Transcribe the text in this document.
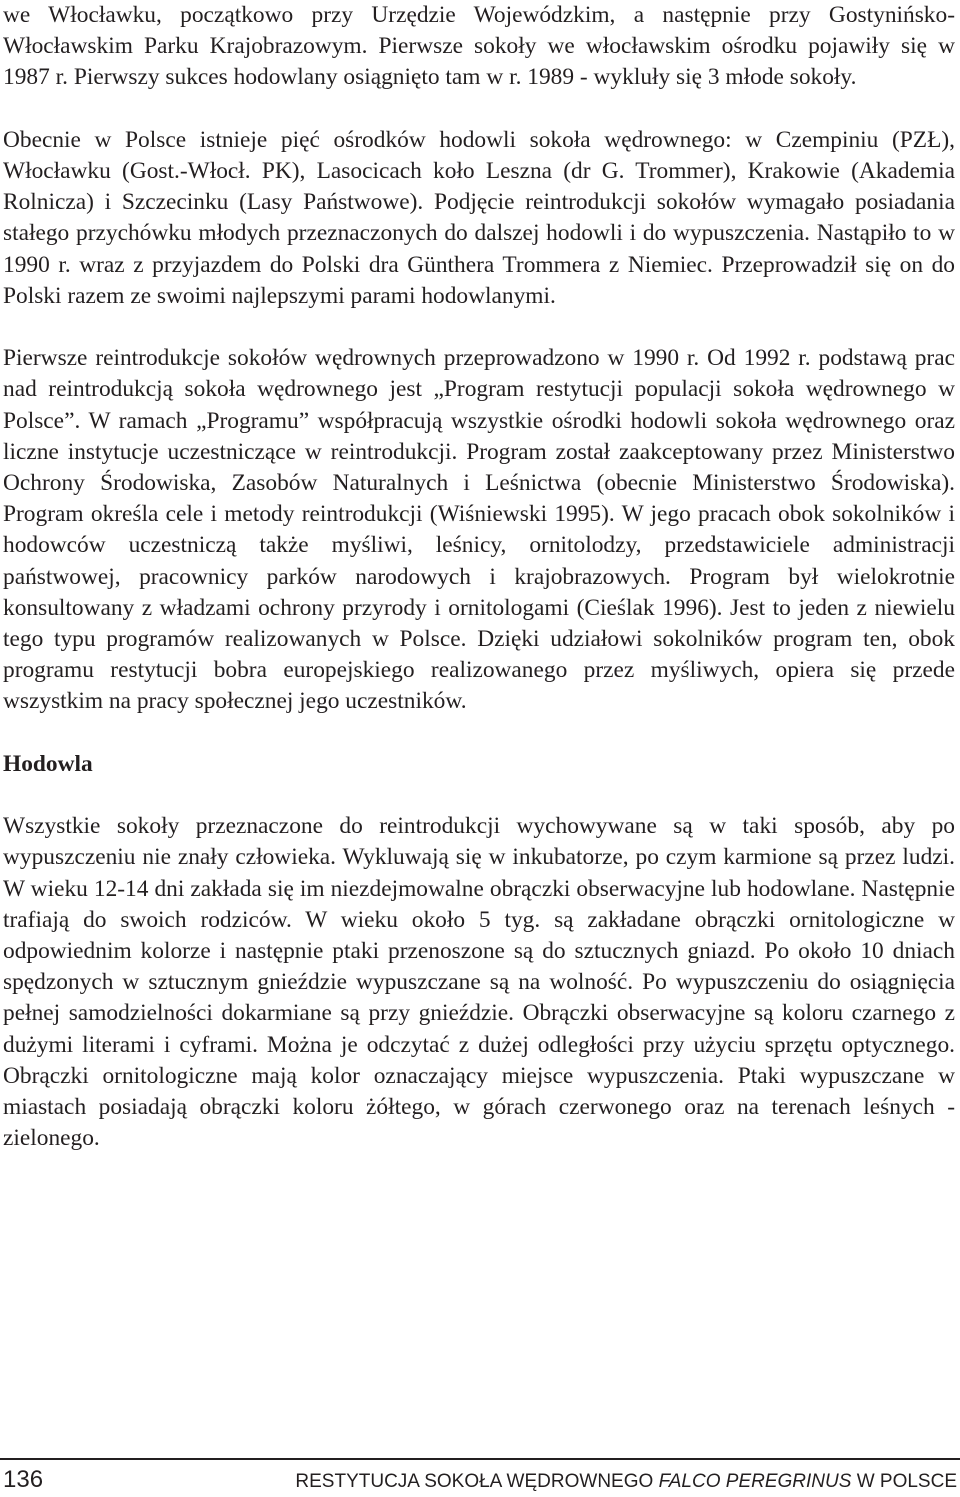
we Włocławku, początkowo przy Urzędzie Wojewódzkim, a następnie przy Gostynińsko-Włocławskim Parku Krajobrazowym. Pierwsze sokoły we włocławskim ośrodku pojawiły się w 1987 r. Pierwszy sukces hodowlany osiągnięto tam w r. 1989 - wykluły się 3 młode sokoły.

Obecnie w Polsce istnieje pięć ośrodków hodowli sokoła wędrownego: w Czempiniu (PZŁ), Włocławku (Gost.-Włocł. PK), Lasocicach koło Leszna (dr G. Trommer), Krakowie (Akademia Rolnicza) i Szczecinku (Lasy Państwowe). Podjęcie reintrodukcji sokołów wymagało posiadania stałego przychówku młodych przeznaczonych do dalszej hodowli i do wypuszczenia. Nastąpiło to w 1990 r. wraz z przyjazdem do Polski dra Günthera Trommera z Niemiec. Przeprowadził się on do Polski razem ze swoimi najlepszymi parami hodowlanymi.

Pierwsze reintrodukcje sokołów wędrownych przeprowadzono w 1990 r. Od 1992 r. podstawą prac nad reintrodukcją sokoła wędrownego jest „Program restytucji populacji sokoła wędrownego w Polsce”. W ramach „Programu” współpracują wszystkie ośrodki hodowli sokoła wędrownego oraz liczne instytucje uczestniczące w reintrodukcji. Program został zaakceptowany przez Ministerstwo Ochrony Środowiska, Zasobów Naturalnych i Leśnictwa (obecnie Ministerstwo Środowiska). Program określa cele i metody reintrodukcji (Wiśniewski 1995). W jego pracach obok sokolników i hodowców uczestniczą także myśliwi, leśnicy, ornitolodzy, przedstawiciele administracji państwowej, pracownicy parków narodowych i krajobrazowych. Program był wielokrotnie konsultowany z władzami ochrony przyrody i ornitologami (Cieślak 1996). Jest to jeden z niewielu tego typu programów realizowanych w Polsce. Dzięki udziałowi sokolników program ten, obok programu restytucji bobra europejskiego realizowanego przez myśliwych, opiera się przede wszystkim na pracy społecznej jego uczestników.

Hodowla

Wszystkie sokoły przeznaczone do reintrodukcji wychowywane są w taki sposób, aby po wypuszczeniu nie znały człowieka. Wykluwają się w inkubatorze, po czym karmione są przez ludzi. W wieku 12-14 dni zakłada się im niezdejmowalne obrączki obserwacyjne lub hodowlane. Następnie trafiają do swoich rodziców. W wieku około 5 tyg. są zakładane obrączki ornitologiczne w odpowiednim kolorze i następnie ptaki przenoszone są do sztucznych gniazd. Po około 10 dniach spędzonych w sztucznym gnieździe wypuszczane są na wolność. Po wypuszczeniu do osiągnięcia pełnej samodzielności dokarmiane są przy gnieździe. Obrączki obserwacyjne są koloru czarnego z dużymi literami i cyframi. Można je odczytać z dużej odległości przy użyciu sprzętu optycznego. Obrączki ornitologiczne mają kolor oznaczający miejsce wypuszczenia. Ptaki wypuszczane w miastach posiadają obrączki koloru żółtego, w górach czerwonego oraz na terenach leśnych - zielonego.

136	RESTYTUCJA SOKOŁA WĘDROWNEGO FALCO PEREGRINUS W POLSCE
